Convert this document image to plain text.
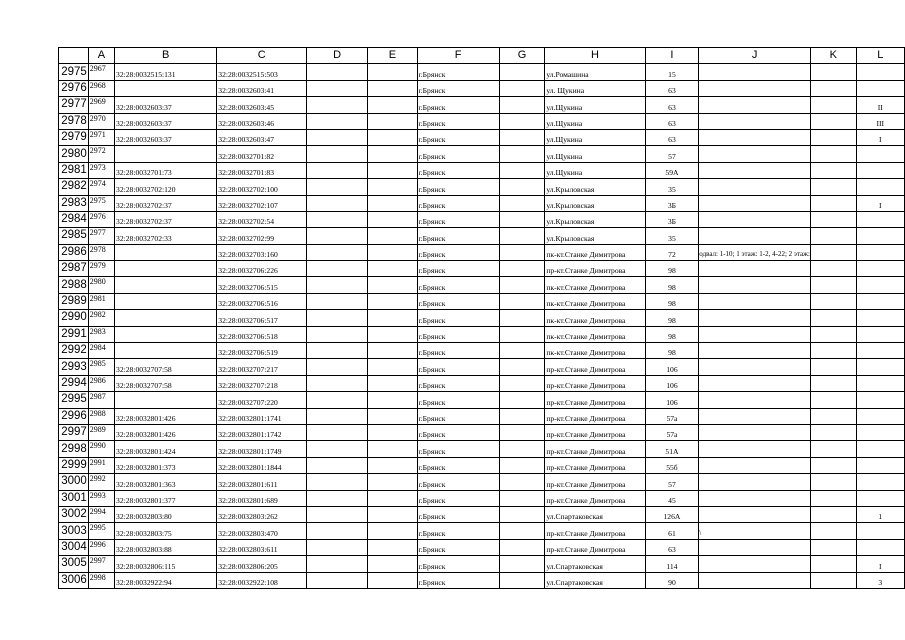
	A	B	C	D	E	F	G	H	I	J	K	L
2975	2967	32:28:0032515:131	32:28:0032515:503			г.Брянск		ул.Ромашина	15			
2976	2968		32:28:0032603:41			г.Брянск		ул. Щукина	63			
2977	2969	32:28:0032603:37	32:28:0032603:45			г.Брянск		ул.Щукина	63			II
2978	2970	32:28:0032603:37	32:28:0032603:46			г.Брянск		ул.Щукина	63			III
2979	2971	32:28:0032603:37	32:28:0032603:47			г.Брянск		ул.Щукина	63			I
2980	2972		32:28:0032701:82			г.Брянск		ул.Щукина	57			
2981	2973	32:28:0032701:73	32:28:0032701:83			г.Брянск		ул.Щукина	59А			
2982	2974	32:28:0032702:120	32:28:0032702:100			г.Брянск		ул.Крыловская	35			
2983	2975	32:28:0032702:37	32:28:0032702:107			г.Брянск		ул.Крыловская	3Б			I
2984	2976	32:28:0032702:37	32:28:0032702:54			г.Брянск		ул.Крыловская	3Б			
2985	2977	32:28:0032702:33	32:28:0032702:99			г.Брянск		ул.Крыловская	35			
2986	2978		32:28:0032703:160			г.Брянск		пк-кт.Станке Димитрова	72	одвал: 1-10; 1 этаж: 1-2, 4-22; 2 этаж:		
2987	2979		32:28:0032706:226			г.Брянск		пр-кт.Станке Димитрова	98			
2988	2980		32:28:0032706:515			г.Брянск		пк-кт.Станке Димитрова	98			
2989	2981		32:28:0032706:516			г.Брянск		пк-кт.Станке Димитрова	98			
2990	2982		32:28:0032706:517			г.Брянск		пк-кт.Станке Димитрова	98			
2991	2983		32:28:0032706:518			г.Брянск		пк-кт.Станке Димитрова	98			
2992	2984		32:28:0032706:519			г.Брянск		пк-кт.Станке Димитрова	98			
2993	2985	32:28:0032707:58	32:28:0032707:217			г.Брянск		пр-кт.Станке Димитрова	106			
2994	2986	32:28:0032707:58	32:28:0032707:218			г.Брянск		пр-кт.Станке Димитрова	106			
2995	2987		32:28:0032707:220			г.Брянск		пр-кт.Станке Димитрова	106			
2996	2988	32:28:0032801:426	32:28:0032801:1741			г.Брянск		пр-кт.Станке Димитрова	57а			
2997	2989	32:28:0032801:426	32:28:0032801:1742			г.Брянск		пр-кт.Станке Димитрова	57а			
2998	2990	32:28:0032801:424	32:28:0032801:1749			г.Брянск		пр-кт.Станке Димитрова	51А			
2999	2991	32:28:0032801:373	32:28:0032801:1844			г.Брянск		пр-кт.Станке Димитрова	55б			
3000	2992	32:28:0032801:363	32:28:0032801:611			г.Брянск		пр-кт.Станке Димитрова	57			
3001	2993	32:28:0032801:377	32:28:0032801:689			г.Брянск		пр-кт.Станке Димитрова	45			
3002	2994	32:28:0032803:80	32:28:0032803:262			г.Брянск		ул.Спартаковская	126А			1
3003	2995	32:28:0032803:75	32:28:0032803:470			г.Брянск		пр-кт.Станке Димитрова	61	\		
3004	2996	32:28:0032803:88	32:28:0032803:611			г.Брянск		пр-кт.Станке Димитрова	63			
3005	2997	32:28:0032806:115	32:28:0032806:205			г.Брянск		ул.Спартаковская	114			I
3006	2998	32:28:0032922:94	32:28:0032922:108			г.Брянск		ул.Спартаковская	90			3
